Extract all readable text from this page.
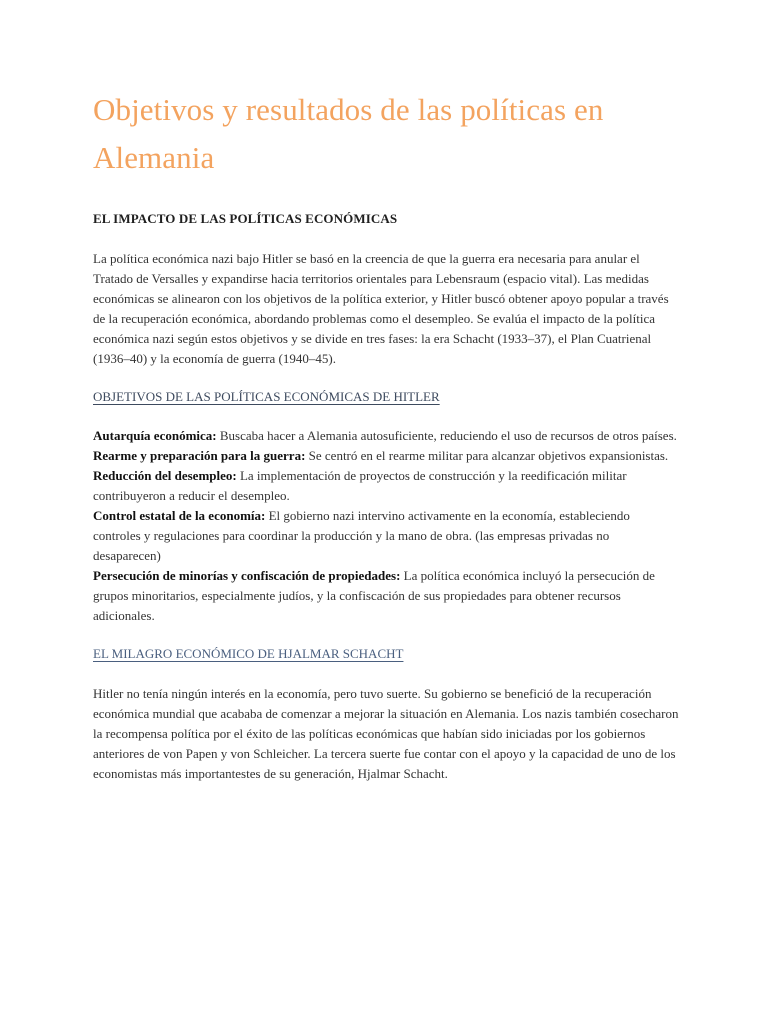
Objetivos y resultados de las políticas en Alemania
EL IMPACTO DE LAS POLÍTICAS ECONÓMICAS

La política económica nazi bajo Hitler se basó en la creencia de que la guerra era necesaria para anular el Tratado de Versalles y expandirse hacia territorios orientales para Lebensraum (espacio vital). Las medidas económicas se alinearon con los objetivos de la política exterior, y Hitler buscó obtener apoyo popular a través de la recuperación económica, abordando problemas como el desempleo. Se evalúa el impacto de la política económica nazi según estos objetivos y se divide en tres fases: la era Schacht (1933–37), el Plan Cuatrienal (1936–40) y la economía de guerra (1940–45).

OBJETIVOS DE LAS POLÍTICAS ECONÓMICAS DE HITLER
Autarquía económica: Buscaba hacer a Alemania autosuficiente, reduciendo el uso de recursos de otros países.
Rearme y preparación para la guerra: Se centró en el rearme militar para alcanzar objetivos expansionistas.
Reducción del desempleo: La implementación de proyectos de construcción y la reedificación militar contribuyeron a reducir el desempleo.
Control estatal de la economía: El gobierno nazi intervino activamente en la economía, estableciendo controles y regulaciones para coordinar la producción y la mano de obra. (las empresas privadas no desaparecen)
Persecución de minorías y confiscación de propiedades: La política económica incluyó la persecución de grupos minoritarios, especialmente judíos, y la confiscación de sus propiedades para obtener recursos adicionales.
EL MILAGRO ECONÓMICO DE HJALMAR SCHACHT

Hitler no tenía ningún interés en la economía, pero tuvo suerte. Su gobierno se benefició de la recuperación económica mundial que acababa de comenzar a mejorar la situación en Alemania. Los nazis también cosecharon la recompensa política por el éxito de las políticas económicas que habían sido iniciadas por los gobiernos anteriores de von Papen y von Schleicher. La tercera suerte fue contar con el apoyo y la capacidad de uno de los economistas más importantestes de su generación, Hjalmar Schacht.
